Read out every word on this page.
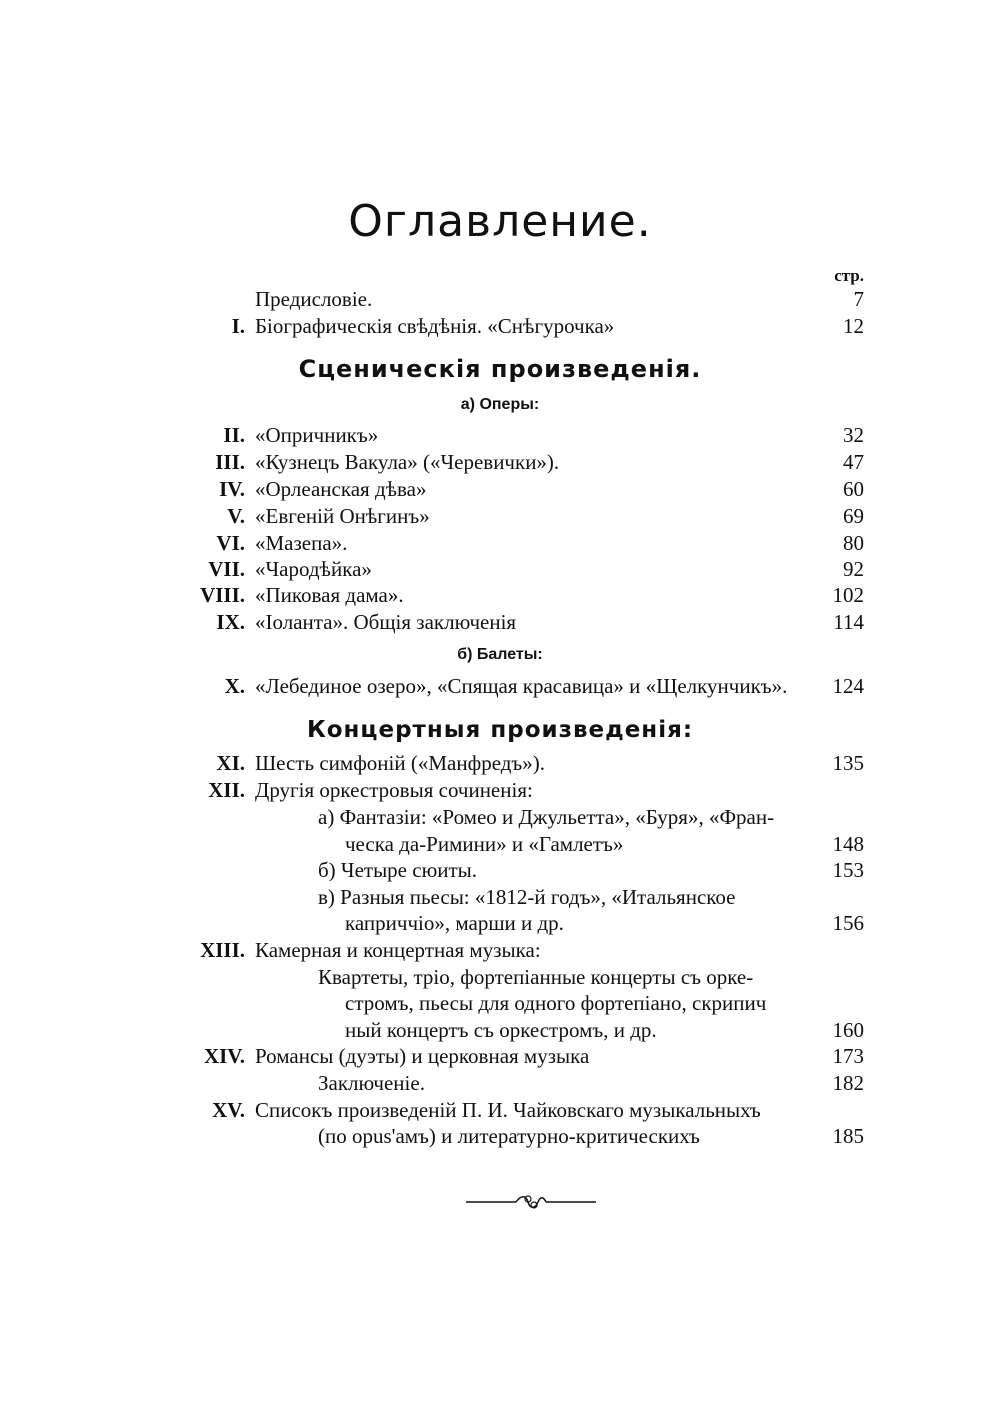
Оглавление.
стр.
Предисловіе.	7
I. Біографическія свѣдѣнія. «Снѣгурочка»	12
Сценическія произведенія.
а) Оперы:
II. «Опричникъ»	32
III. «Кузнецъ Вакула» («Черевички»).	47
IV. «Орлеанская дѣва»	60
V. «Евгеній Онѣгинъ»	69
VI. «Мазепа».	80
VII. «Чародѣйка»	92
VIII. «Пиковая дама».	102
IX. «Іоланта». Общія заключенія	114
б) Балеты:
X. «Лебединое озеро», «Спящая красавица» и «Щелкунчикъ».	124
Концертныя произведенія:
XI. Шесть симфоній («Манфредъ»).	135
XII. Другія оркестровыя сочиненія:
а) Фантазіи: «Ромео и Джульетта», «Буря», «Фран-
ческа да-Римини» и «Гамлетъ»	148
б) Четыре сюиты.	153
в) Разныя пьесы: «1812-й годъ», «Итальянское
каприччіо», марши и др.	156
XIII. Камерная и концертная музыка:
Квартеты, тріо, фортепіанные концерты съ орке-
стромъ, пьесы для одного фортепіано, скрипич
ный концертъ съ оркестромъ, и др.	160
XIV. Романсы (дуэты) и церковная музыка	173
Заключеніе.	182
XV. Списокъ произведеній П. И. Чайковскаго музыкальныхъ
(по opus'амъ) и литературно-критическихъ	185
